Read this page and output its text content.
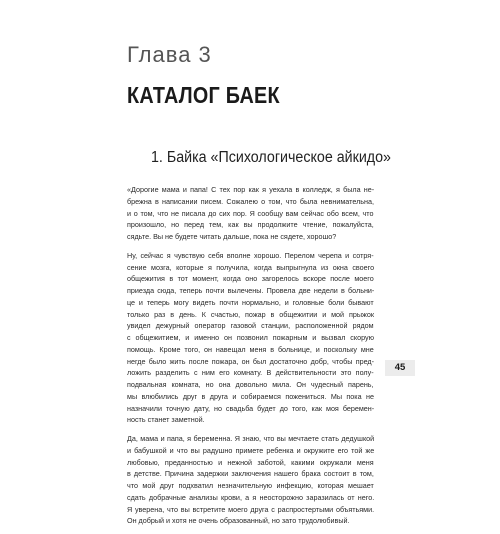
Глава 3
КАТАЛОГ БАЕК
1. Байка «Психологическое айкидо»
«Дорогие мама и папа! С тех пор как я уехала в колледж, я была не-
брежна в написании писем. Сожалею о том, что была невнимательна,
и о том, что не писала до сих пор. Я сообщу вам сейчас обо всем, что
произошло, но перед тем, как вы продолжите чтение, пожалуйста,
сядьте. Вы не будете читать дальше, пока не сядете, хорошо?
Ну, сейчас я чувствую себя вполне хорошо. Перелом черепа и сотря-
сение мозга, которые я получила, когда выпрыгнула из окна своего
общежития в тот момент, когда оно загорелось вскоре после моего
приезда сюда, теперь почти вылечены. Провела две недели в больни-
це и теперь могу видеть почти нормально, и головные боли бывают
только раз в день. К счастью, пожар в общежитии и мой прыжок
увидел дежурный оператор газовой станции, расположенной рядом
с общежитием, и именно он позвонил пожарным и вызвал скорую
помощь. Кроме того, он навещал меня в больнице, и поскольку мне
негде было жить после пожара, он был достаточно добр, чтобы пред-
ложить разделить с ним его комнату. В действительности это полу-
подвальная комната, но она довольно мила. Он чудесный парень,
мы влюбились друг в друга и собираемся пожениться. Мы пока не
назначили точную дату, но свадьба будет до того, как моя беремен-
ность станет заметной.
Да, мама и папа, я беременна. Я знаю, что вы мечтаете стать дедушкой
и бабушкой и что вы радушно примете ребенка и окружите его той же
любовью, преданностью и нежной заботой, какими окружали меня
в детстве. Причина задержки заключения нашего брака состоит в том,
что мой друг подхватил незначительную инфекцию, которая мешает
сдать добрачные анализы крови, а я неосторожно заразилась от него.
Я уверена, что вы встретите моего друга с распростертыми объятьями.
Он добрый и хотя не очень образованный, но зато трудолюбивый.
45
